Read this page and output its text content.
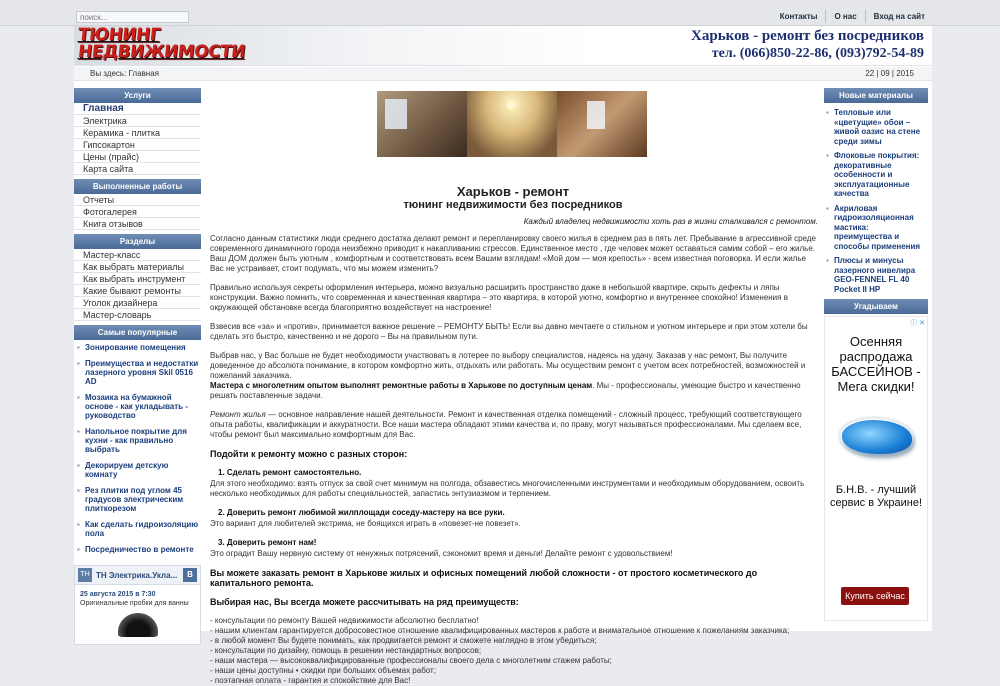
поиск...
Контакты	О нас	Вход на сайт
ТЮНИНГ
НЕДВИЖИМОСТИ
Харьков - ремонт без посредников
тел. (066)850-22-86, (093)792-54-89
Вы здесь: Главная	22 | 09 | 2015
Услуги
Главная
Электрика
Керамика - плитка
Гипсокартон
Цены (прайс)
Карта сайта
Выполненные работы
Отчеты
Фотогалерея
Книга отзывов
Разделы
Мастер-класс
Как выбрать материалы
Как выбрать инструмент
Какие бывают ремонты
Уголок дизайнера
Мастер-словарь
Самые популярные
▪ Зонирование помещения
▪ Преимущества и недостатки лазерного уровня Skil 0516 AD
▪ Мозаика на бумажной основе - как укладывать - руководство
▪ Напольное покрытие для кухни - как правильно выбрать
▪ Декорируем детскую комнату
▪ Рез плитки под углом 45 градусов электрическим плиткорезом
▪ Как сделать гидроизоляцию пола
▪ Посредничество в ремонте
ТН ТН Электрика.Укла...	В
25 августа 2015 в 7:30
Оригинальные пробки для ванны
Харьков - ремонт
тюнинг недвижимости без посредников
Каждый владелец недвижимости хоть раз в жизни сталкивался с ремонтом.

Согласно данным статистики люди среднего достатка делают ремонт и перепланировку своего жилья в среднем раз в пять лет. Пребывание в агрессивной среде современного динамичного города неизбежно приводит к накапливанию стрессов. Единственное место , где человек может оставаться самим собой – его жилье. Ваш ДОМ должен быть уютным , комфортным и соответствовать всем Вашим взглядам! «Мой дом — моя крепость» - всем известная поговорка. И если жилье Вас не устраивает, стоит подумать, что мы можем изменить?

Правильно используя секреты оформления интерьера, можно визуально расширить пространство даже в небольшой квартире, скрыть дефекты и ляпы конструкции. Важно помнить, что современная и качественная квартира – это квартира, в которой уютно, комфортно и внутреннее спокойно! Изменения в окружающей обстановке всегда благоприятно воздействует на настроение!

Взвесив все «за» и «против», принимается важное решение – РЕМОНТУ БЫТЬ! Если вы давно мечтаете о стильном и уютном интерьере и при этом хотели бы сделать это быстро, качественно и не дорого – Вы на правильном пути.

Выбрав нас, у Вас больше не будет необходимости участвовать в лотерее по выбору специалистов, надеясь на удачу. Заказав у нас ремонт, Вы получите доведенное до абсолюта понимание, в котором комфортно жить, отдыхать или работать. Мы осуществим ремонт с учетом всех потребностей, возможностей и пожеланий заказчика.
Мастера с многолетним опытом выполнят ремонтные работы в Харькове по доступным ценам. Мы - профессионалы, умеющие быстро и качественно решать поставленные задачи.

Ремонт жилья — основное направление нашей деятельности. Ремонт и качественная отделка помещений - сложный процесс, требующий соответствующего опыта работы, квалификации и аккуратности. Все наши мастера обладают этими качества и, по праву, могут называться профессионалами. Мы сделаем все, чтобы ремонт был максимально комфортным для Вас.

Подойти к ремонту можно с разных сторон:
1. Сделать ремонт самостоятельно.
Для этого необходимо: взять отпуск за свой счет минимум на полгода, обзавестись многочисленными инструментами и необходимым оборудованием, освоить несколько необходимых для работы специальностей, запастись энтузиазмом и терпением.
2. Доверить ремонт любимой жилплощади соседу-мастеру на все руки.
Это вариант для любителей экстрима, не боящихся играть в «повезет-не повезет».
3. Доверить ремонт нам!
Это оградит Вашу нервную систему от ненужных потрясений, сэкономит время и деньги! Делайте ремонт с удовольствием!
Вы можете заказать ремонт в Харькове жилых и офисных помещений любой сложности - от простого косметического до капитального ремонта.
Выбирая нас, Вы всегда можете рассчитывать на ряд преимуществ:
- консультации по ремонту Вашей недвижимости абсолютно бесплатно!
- нашим клиентам гарантируется добросовестное отношение квалифицированных мастеров к работе и внимательное отношение к пожеланиям заказчика;
- в любой момент Вы будете понимать, как продвигается ремонт и сможете наглядно в этом убедиться;
- консультации по дизайну, помощь в решении нестандартных вопросов;
- наши мастера — высококвалифицированные профессионалы своего дела с многолетним стажем работы;
- наши цены доступны • скидки при больших объемах работ;
- поэтапная оплата - гарантия и спокойствие для Вас!
Новые материалы
▪ Тепловые или «цветущие» обои – живой оазис на стене среди зимы
▪ Флоковые покрытия: декоративные особенности и эксплуатационные качества
▪ Акриловая гидроизоляционная мастика: преимущества и способы применения
▪ Плюсы и минусы лазерного нивелира GEO-FENNEL FL 40 Pocket II HP
Угадываем
ⓘ ✕
Осенняя распродажа БАССЕЙНОВ - Мега скидки!
Б.Н.В. - лучший сервис в Украине!
Купить сейчас
